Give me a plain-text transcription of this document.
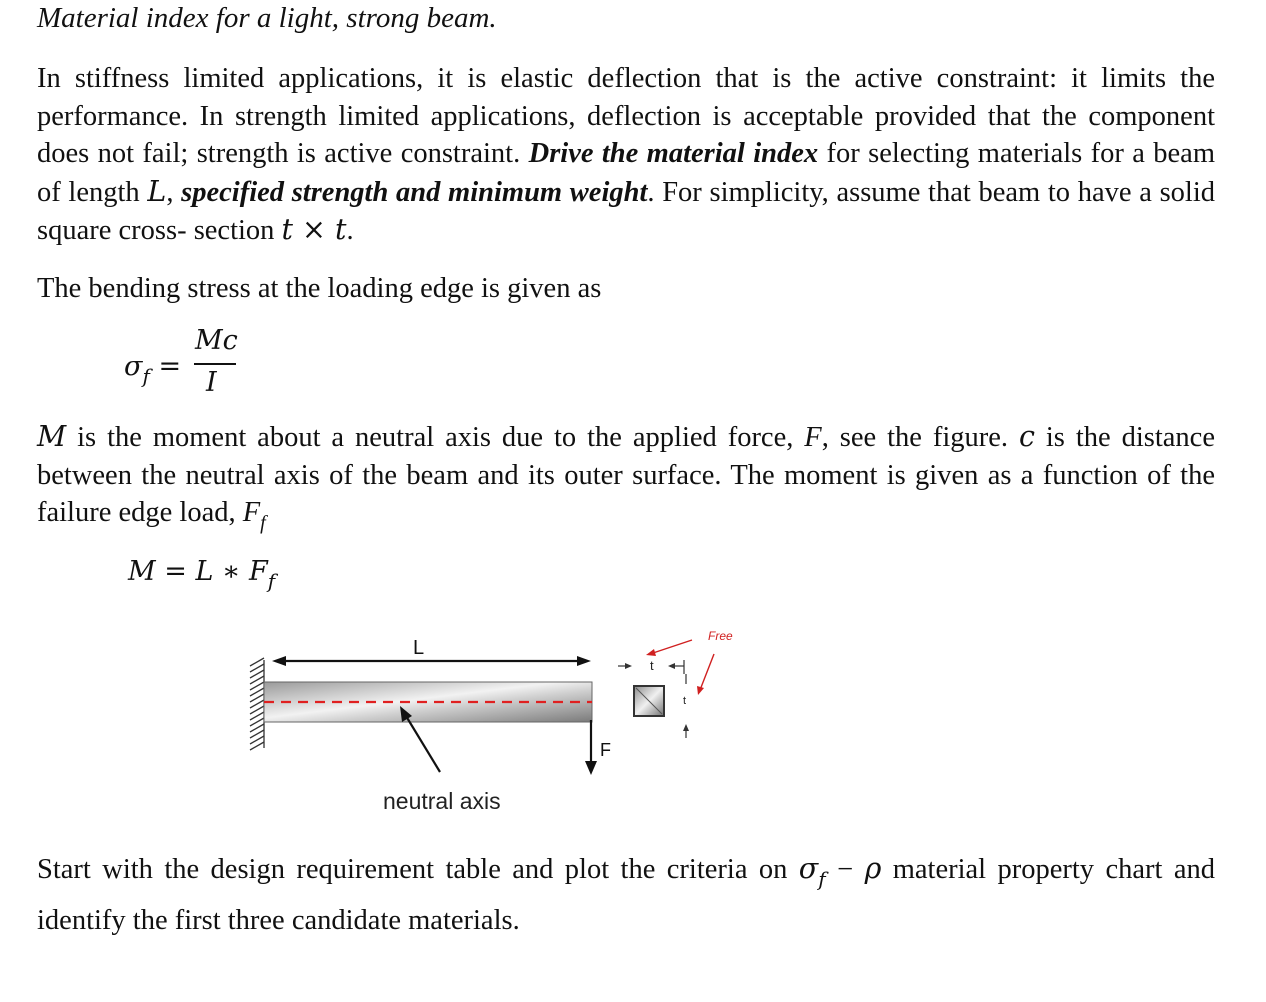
Material index for a light, strong beam.

In stiffness limited applications, it is elastic deflection that is the active constraint: it limits the performance. In strength limited applications, deflection is acceptable provided that the component does not fail; strength is active constraint. Drive the material index for selecting materials for a beam of length L, specified strength and minimum weight. For simplicity, assume that beam to have a solid square cross- section t × t.

The bending stress at the loading edge is given as

$\sigma_f$ =
Mc
I

M is the moment about a neutral axis due to the applied force, F, see the figure. c is the distance between the neutral axis of the beam and its outer surface. The moment is given as a function of the failure edge load, $F_f$

M = L ∗ $F_f$
L
F
t
t
Free
neutral axis

Start with the design requirement table and plot the criteria on $\sigma_f - \rho$ material property chart and identify the first three candidate materials.
